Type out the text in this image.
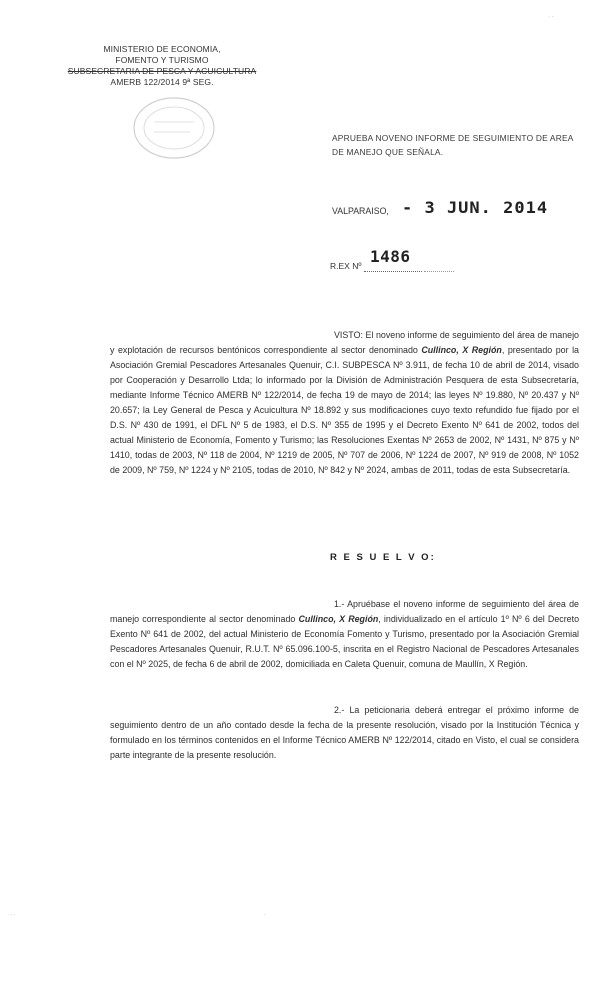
MINISTERIO DE ECONOMIA,
FOMENTO Y TURISMO
SUBSECRETARIA DE PESCA Y ACUICULTURA
AMERB 122/2014 9ª SEG.
APRUEBA NOVENO INFORME DE SEGUIMIENTO DE AREA DE MANEJO QUE SEÑALA.
VALPARAISO, - 3 JUN. 2014
R.EX Nº 1486
VISTO: El noveno informe de seguimiento del área de manejo y explotación de recursos bentónicos correspondiente al sector denominado Cullinco, X Región, presentado por la Asociación Gremial Pescadores Artesanales Quenuir, C.I. SUBPESCA Nº 3.911, de fecha 10 de abril de 2014, visado por Cooperación y Desarrollo Ltda; lo informado por la División de Administración Pesquera de esta Subsecretaría, mediante Informe Técnico AMERB Nº 122/2014, de fecha 19 de mayo de 2014; las leyes Nº 19.880, Nº 20.437 y Nº 20.657; la Ley General de Pesca y Acuicultura Nº 18.892 y sus modificaciones cuyo texto refundido fue fijado por el D.S. Nº 430 de 1991, el DFL Nº 5 de 1983, el D.S. Nº 355 de 1995 y el Decreto Exento Nº 641 de 2002, todos del actual Ministerio de Economía, Fomento y Turismo; las Resoluciones Exentas Nº 2653 de 2002, Nº 1431, Nº 875 y Nº 1410, todas de 2003, Nº 118 de 2004, Nº 1219 de 2005, Nº 707 de 2006, Nº 1224 de 2007, Nº 919 de 2008, Nº 1052 de 2009, Nº 759, Nº 1224 y Nº 2105, todas de 2010, Nº 842 y Nº 2024, ambas de 2011, todas de esta Subsecretaría.
R E S U E L V O:
1.- Apruébase el noveno informe de seguimiento del área de manejo correspondiente al sector denominado Cullinco, X Región, individualizado en el artículo 1º Nº 6 del Decreto Exento Nº 641 de 2002, del actual Ministerio de Economía Fomento y Turismo, presentado por la Asociación Gremial Pescadores Artesanales Quenuir, R.U.T. Nº 65.096.100-5, inscrita en el Registro Nacional de Pescadores Artesanales con el Nº 2025, de fecha 6 de abril de 2002, domiciliada en Caleta Quenuir, comuna de Maullín, X Región.
2.- La peticionaria deberá entregar el próximo informe de seguimiento dentro de un año contado desde la fecha de la presente resolución, visado por la Institución Técnica y formulado en los términos contenidos en el Informe Técnico AMERB Nº 122/2014, citado en Visto, el cual se considera parte integrante de la presente resolución.
· ·
· ·	·
